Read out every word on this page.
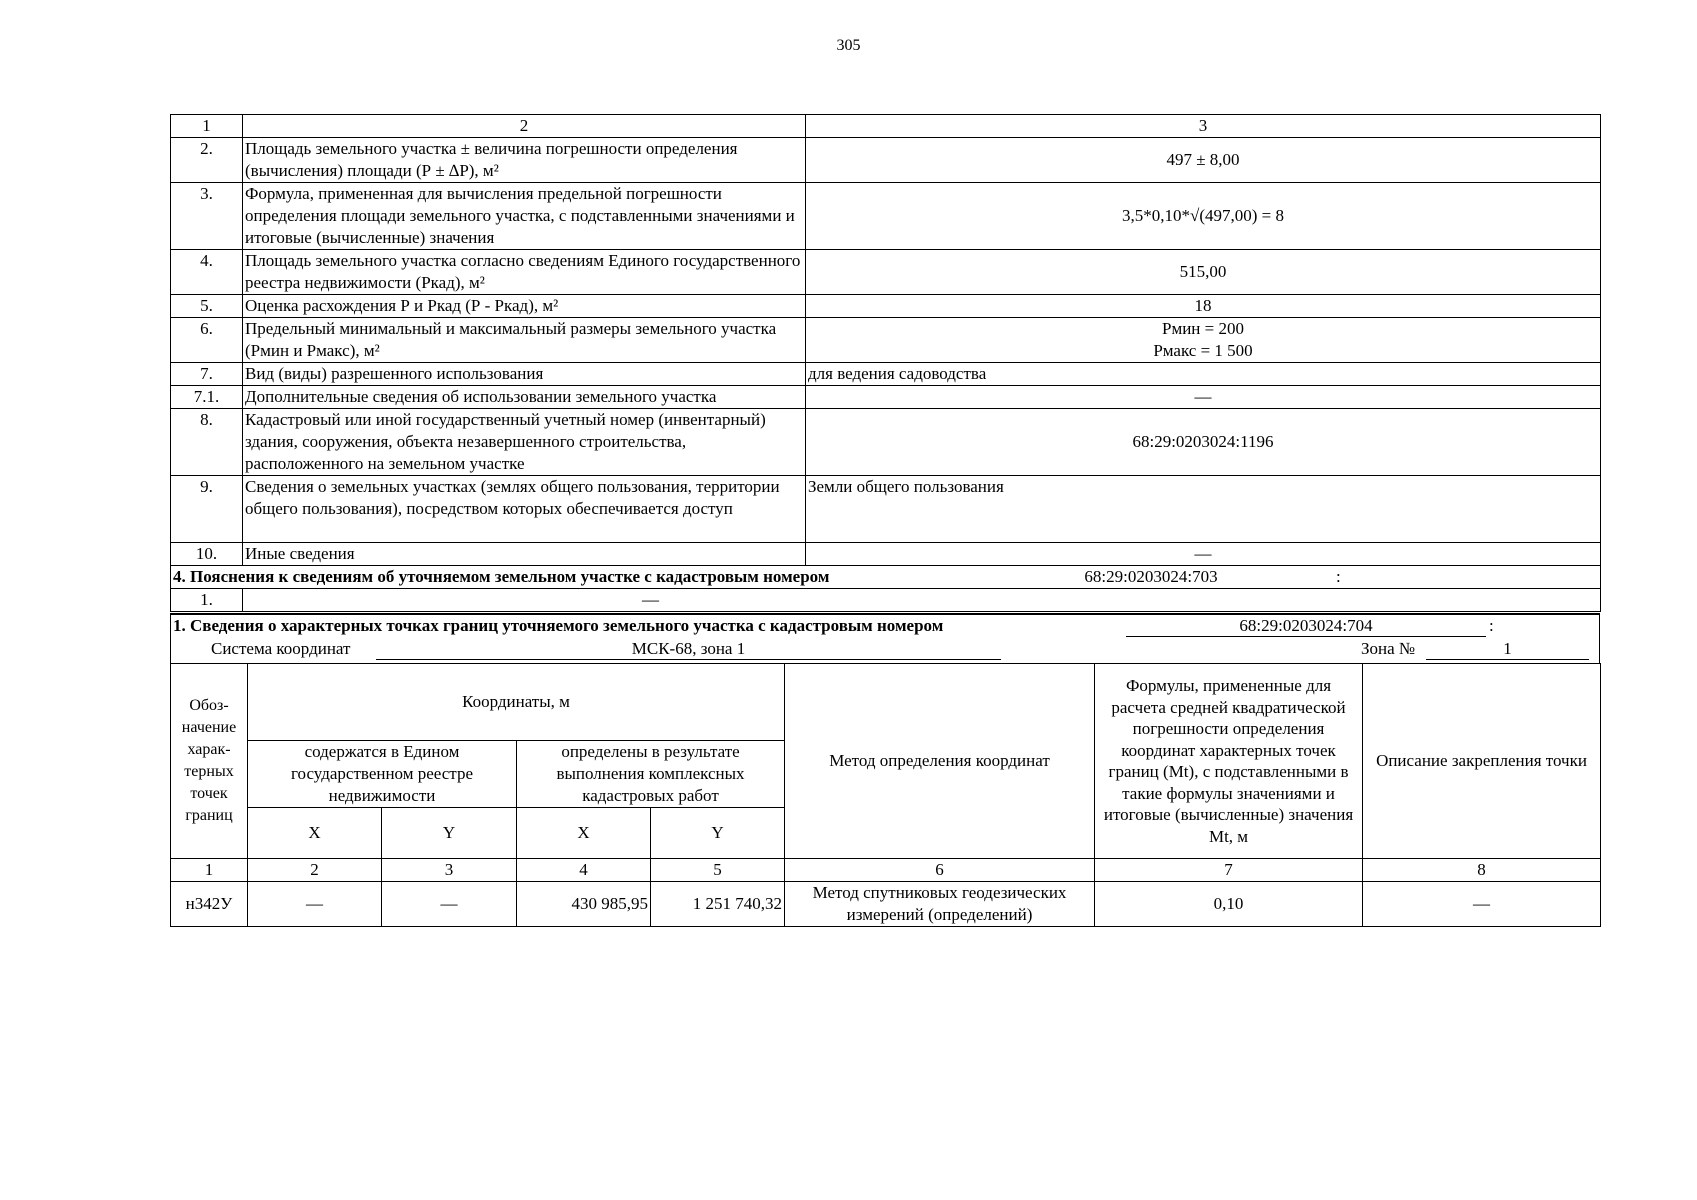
305
1	2	3
2.	Площадь земельного участка ± величина погрешности определения (вычисления) площади (Р ± ∆Р), м²	497 ± 8,00
3.	Формула, примененная для вычисления предельной погрешности определения площади земельного участка, с подставленными значениями и итоговые (вычисленные) значения	3,5*0,10*√(497,00) = 8
4.	Площадь земельного участка согласно сведениям Единого государственного реестра недвижимости (Ркад), м²	515,00
5.	Оценка расхождения Р и Ркад (Р - Ркад), м²	18
6.	Предельный минимальный и максимальный размеры земельного участка (Рмин и Рмакс), м²	Рмин = 200
Рмакс = 1 500

7.	Вид (виды) разрешенного использования	для ведения садоводства
7.1.	Дополнительные сведения об использовании земельного участка	—
8.	Кадастровый или иной государственный учетный номер (инвентарный) здания, сооружения, объекта незавершенного строительства, расположенного на земельном участке	68:29:0203024:1196
9.	Сведения о земельных участках (землях общего пользования, территории общего пользования), посредством которых обеспечивается доступ	Земли общего пользования
10.	Иные сведения	—
4. Пояснения к сведениям об уточняемом земельном участке с кадастровым номером 68:29:0203024:703 :		

1.	—	
1. Сведения о характерных точках границ уточняемого земельного участка с кадастровым номером	68:29:0203024:704	:
Система координат	МСК-68, зона 1	Зона №	1
Обоз-начение харак-терных точек границ	Координаты, м				Метод определения координат	Формулы, примененные для расчета средней квадратической погрешности определения координат характерных точек границ (Mt), с подставленными в такие формулы значениями и итоговые (вычисленные) значения Mt, м	Описание закрепления точки
	содержатся в Едином государственном реестре недвижимости		определены в результате выполнения комплексных кадастровых работ				
	X	Y	X	Y			
1	2	3	4	5	6	7	8
н342У	—	—	430 985,95	1 251 740,32	Метод спутниковых геодезических измерений (определений)	0,10	—
